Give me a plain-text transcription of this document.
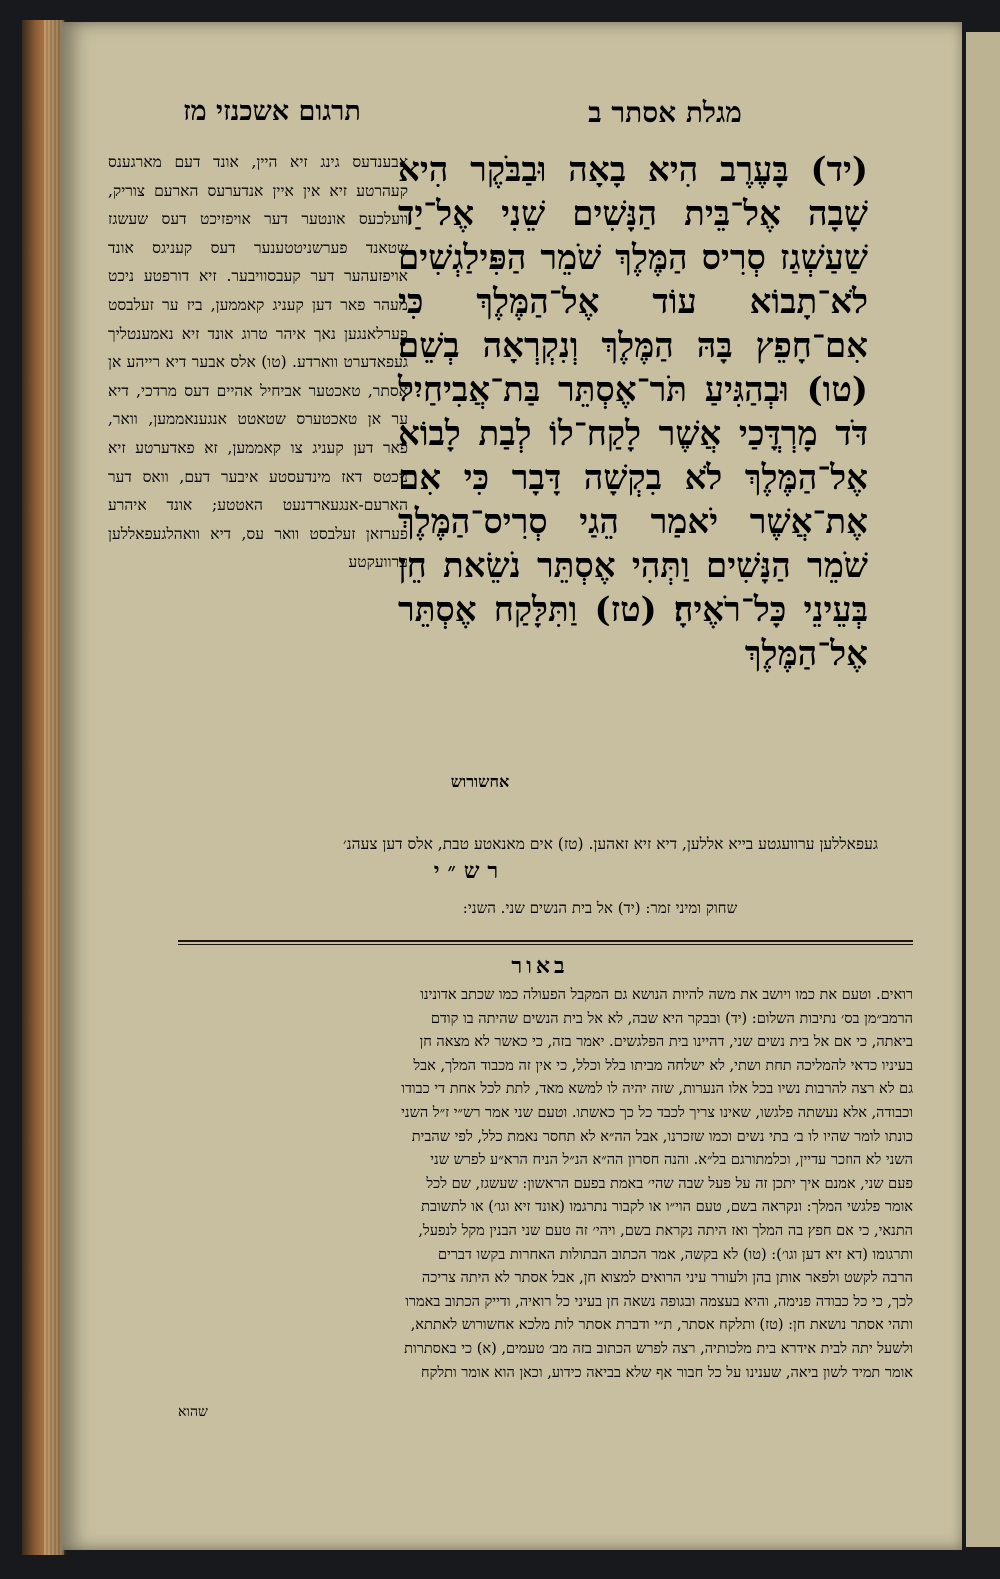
תרגום אשכנזי מז	מגלת אסתר ב
(יד) בָּעֶרֶב הִיא בָאָה וּבַבֹּקֶר הִיא שָׁבָה אֶל־בֵּית הַנָּשִׁים שֵׁנִי אֶל־יַד שַׁעַשְׁגַז סְרִיס הַמֶּלֶךְ שֹׁמֵר הַפִּילַגְשִׁים לֹא־תָבוֹא עוֹד אֶל־הַמֶּלֶךְ כִּי אִם־חָפֵץ בָּהּ הַמֶּלֶךְ וְנִקְרְאָה בְשֵׁם׃ (טו) וּבְהַגִּיעַ תֹּר־אֶסְתֵּר בַּת־אֲבִיחַיִל דֹּד מָרְדֳּכַי אֲשֶׁר לָקַח־לוֹ לְבַת לָבוֹא אֶל־הַמֶּלֶךְ לֹא בִקְשָׁה דָּבָר כִּי אִם אֶת־אֲשֶׁר יֹאמַר הֵגַי סְרִיס־הַמֶּלֶךְ שֹׁמֵר הַנָּשִׁים וַתְּהִי אֶסְתֵּר נֹשֵׂאת חֵן בְּעֵינֵי כָּל־רֹאֶיהָ׃ (טז) וַתִּלָּקַח אֶסְתֵּר אֶל־הַמֶּלֶךְ
אחשורוש
אבענדעס גינג זיא היין, אונד דעם מארגענס קעהרטע זיא אין איין אנדערעס הארעם צוריק, וועלכעס אונטער דער אויפזיכט דעס שעשגז שטאנד פערשניטטענער דעס קעניגס אונד אויפזעהער דער קעבסוויבער. זיא דורפטע ניכט מעהר פאר דען קעניג קאממען, ביז ער זעלבסט פערלאנגען נאך איהר טרוג אונד זיא נאמענטליך געפאדערט ווארדע. (טו) אלס אבער דיא רייהע אן אסתר, טאכטער אביחיל אהיים דעס מרדכי, דיא ער אן טאכטערס שטאטט אנגענאממען, וואר, פאר דען קעניג צו קאממען, זא פאדערטע זיא ניכטס דאז מינדעסטע איבער דעם, וואס דער הארעם-אנגעארדנעט האטטע; אונד איהרע פערזאן זעלבסט וואר עס, דיא וואהלגעפאללען ערוועקטע
געפאללען ערוועגטע בייא אללען, דיא זיא זאהען. (טז) אים מאנאטע טבת, אלס דען צעהנ׳
רש״י
שחוק ומיני זמר: (יד) אל בית הנשים שני. השני:
באור
רואים. וטעם את כמו ויושב את משה להיות הנושא גם המקבל הפעולה כמו שכתב אדונינו
הרמב״מן בס׳ נתיבות השלום: (יד) ובבקר היא שבה, לא אל בית הנשים שהיתה בו קודם
ביאתה, כי אם אל בית נשים שני, דהיינו בית הפלגשים. יאמר בזה, כי כאשר לא מצאה חן
בעיניו כדאי להמליכה תחת ושתי, לא ישלחה מביתו בלל וכלל, כי אין זה מכבוד המלך, אבל
גם לא רצה להרבות נשיו בכל אלו הנערות, שזה יהיה לו למשא מאד, לתת לכל אחת די כבודו
וכבודה, אלא נעשתה פלגשו, שאינו צריך לכבד כל כך כאשתו. וטעם שני אמר רש״י ז״ל השני
כונתו לומר שהיו לו ב׳ בתי נשים וכמו שזכרנו, אבל הה״א לא תחסר נאמת כלל, לפי שהבית
השני לא הוזכר עדיין, וכלמתורגם בל״א. והנה חסרון הה״א הנ״ל הניח הרא״ע לפרש שני
פעם שני, אמנם איך יתכן זה על פעל שבה שהי׳ באמת בפעם הראשון: שעשגז, שם לכל
אומר פלגשי המלך: ונקראה בשם, טעם הוי״ו או לקבור נתרגמו (אונד זיא וגו׳) או לתשובת
התנאי, כי אם חפץ בה המלך ואז היתה נקראת בשם, ויהי׳ זה טעם שני הבנין מקל לנפעל,
ותרגומו (דא זיא דען וגו׳): (טו) לא בקשה, אמר הכתוב הבתולות האחרות בקשו דברים
הרבה לקשט ולפאר אותן בהן ולעורר עיני הרואים למצוא חן, אבל אסתר לא היתה צריכה
לכך, כי כל כבודה פנימה, והיא בעצמה ובגופה נשאה חן בעיני כל רואיה, ודייק הכתוב באמרו
ותהי אסתר נושאת חן: (טז) ותלקח אסתר, ת״י ודברת אסתר לות מלכא אחשורוש לאתתא,
ולשעל יתה לבית אידרא בית מלכותיה, רצה לפרש הכתוב בזה מב׳ טעמים, (א) כי באסתרות
אומר תמיד לשון ביאה, שענינו על כל חבור אף שלא בביאה כידוע, וכאן הוא אומר ותלקח
שהוא
